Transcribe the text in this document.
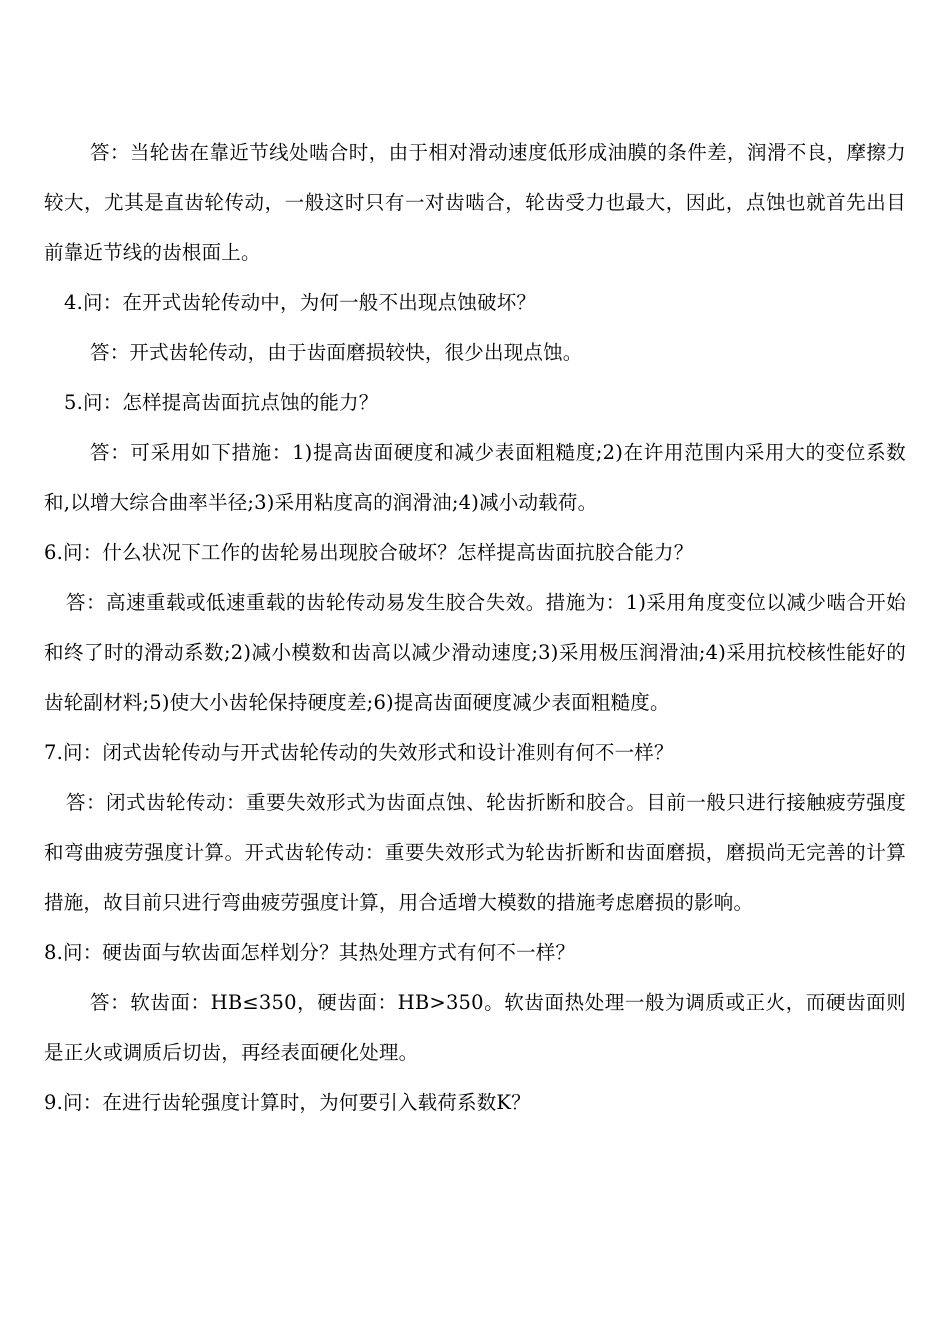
答：当轮齿在靠近节线处啮合时，由于相对滑动速度低形成油膜的条件差，润滑不良，摩擦力较大，尤其是直齿轮传动，一般这时只有一对齿啮合，轮齿受力也最大，因此，点蚀也就首先出目前靠近节线的齿根面上。

4.问：在开式齿轮传动中，为何一般不出现点蚀破坏？

答：开式齿轮传动，由于齿面磨损较快，很少出现点蚀。

5.问：怎样提高齿面抗点蚀的能力？

答：可采用如下措施：1)提高齿面硬度和减少表面粗糙度;2)在许用范围内采用大的变位系数和,以增大综合曲率半径;3)采用粘度高的润滑油;4)减小动载荷。

6.问：什么状况下工作的齿轮易出现胶合破坏？怎样提高齿面抗胶合能力？

答：高速重载或低速重载的齿轮传动易发生胶合失效。措施为：1)采用角度变位以减少啮合开始和终了时的滑动系数;2)减小模数和齿高以减少滑动速度;3)采用极压润滑油;4)采用抗校核性能好的齿轮副材料;5)使大小齿轮保持硬度差;6)提高齿面硬度减少表面粗糙度。

7.问：闭式齿轮传动与开式齿轮传动的失效形式和设计准则有何不一样？

答：闭式齿轮传动：重要失效形式为齿面点蚀、轮齿折断和胶合。目前一般只进行接触疲劳强度和弯曲疲劳强度计算。开式齿轮传动：重要失效形式为轮齿折断和齿面磨损，磨损尚无完善的计算措施，故目前只进行弯曲疲劳强度计算，用合适增大模数的措施考虑磨损的影响。

8.问：硬齿面与软齿面怎样划分？其热处理方式有何不一样？

答：软齿面：HB≤350，硬齿面：HB>350。软齿面热处理一般为调质或正火，而硬齿面则是正火或调质后切齿，再经表面硬化处理。

9.问：在进行齿轮强度计算时，为何要引入载荷系数K？
